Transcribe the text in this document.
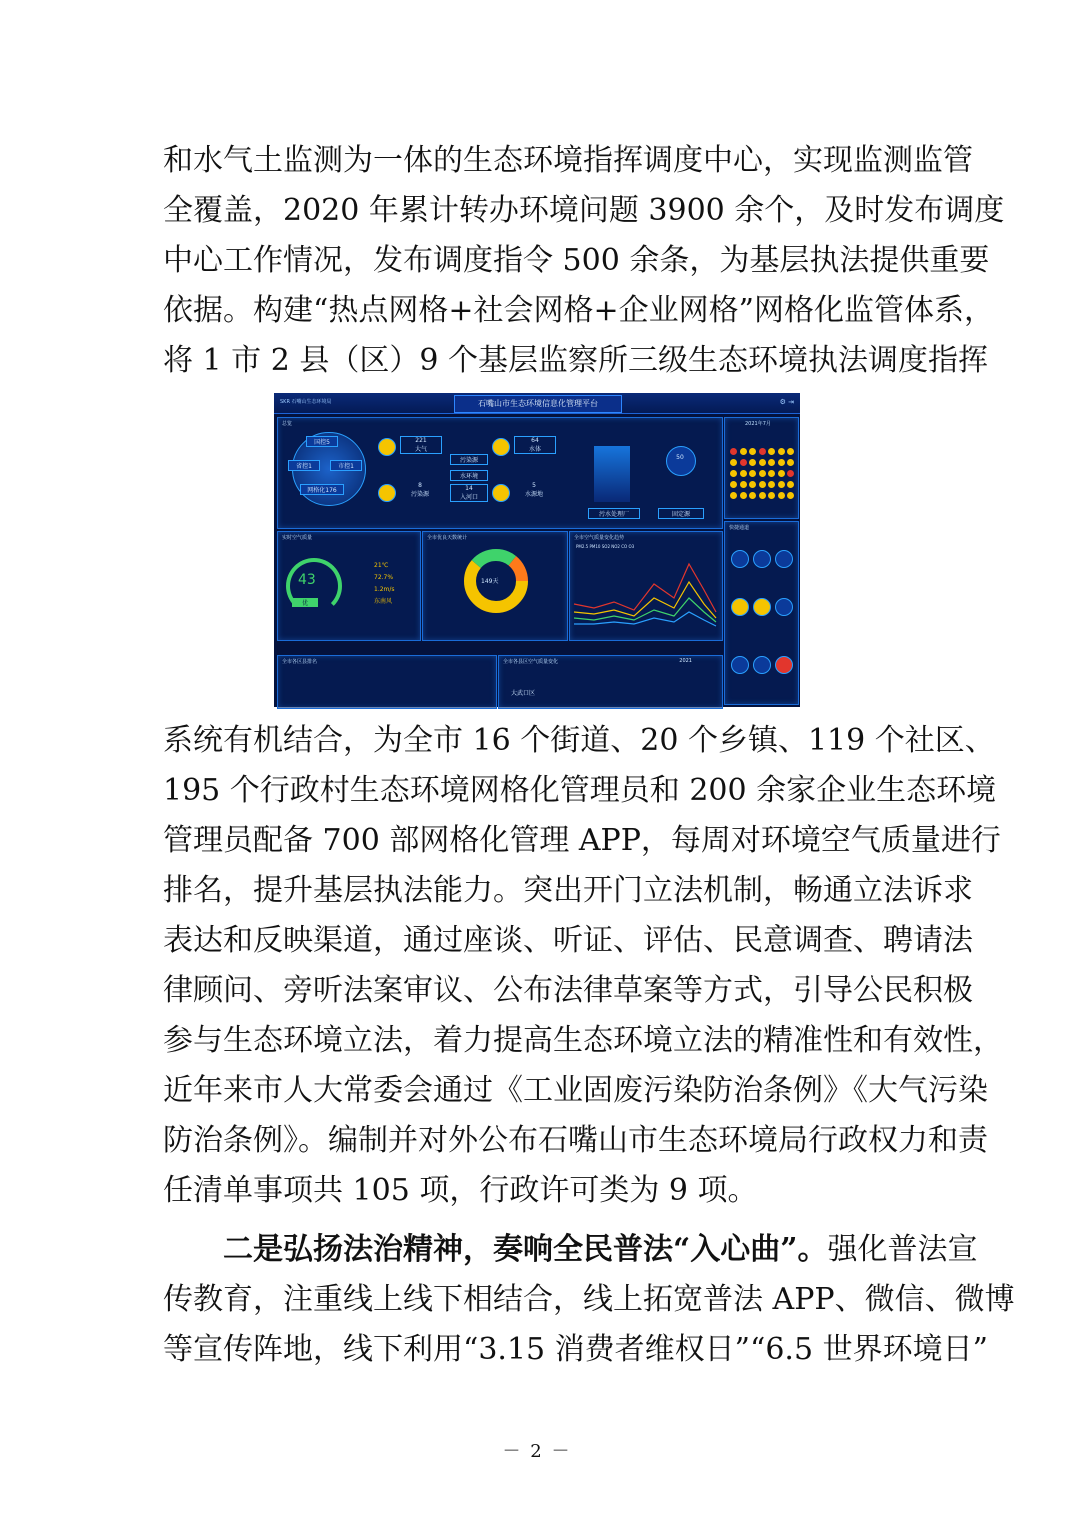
和水气土监测为一体的生态环境指挥调度中心，实现监测监管
全覆盖，2020 年累计转办环境问题 3900 余个，及时发布调度
中心工作情况，发布调度指令 500 余条，为基层执法提供重要
依据。构建“热点网格+社会网格+企业网格”网格化监管体系，
将 1 市 2 县（区）9 个基层监察所三级生态环境执法调度指挥
SKR 石嘴山生态环境局	石嘴山市生态环境信息化管理平台	⚙ ⇥
总览
国控5
省控1	市控1
网格化176
221
大气
64
水体
污染源
水环境
8
污染源
14
入河口
5
水源地
50
污水处理厂	固定源
2021年7月
实时空气质量
43
优
21℃
72.7%
1.2m/s
东南风
全市优良天数统计
149天
全市空气质量变化趋势
PM2.5 PM10 SO2 NO2 CO O3
快捷通道
全市各区县排名	全市各县区空气质量变化	2021
大武口区
系统有机结合，为全市 16 个街道、20 个乡镇、119 个社区、
195 个行政村生态环境网格化管理员和 200 余家企业生态环境
管理员配备 700 部网格化管理 APP，每周对环境空气质量进行
排名，提升基层执法能力。突出开门立法机制，畅通立法诉求
表达和反映渠道，通过座谈、听证、评估、民意调查、聘请法
律顾问、旁听法案审议、公布法律草案等方式，引导公民积极
参与生态环境立法，着力提高生态环境立法的精准性和有效性，
近年来市人大常委会通过《工业固废污染防治条例》《大气污染
防治条例》。编制并对外公布石嘴山市生态环境局行政权力和责
任清单事项共 105 项，行政许可类为 9 项。
二是弘扬法治精神，奏响全民普法“入心曲”。强化普法宣
传教育，注重线上线下相结合，线上拓宽普法 APP、微信、微博
等宣传阵地，线下利用“3.15 消费者维权日”“6.5 世界环境日”
－ 2 －
